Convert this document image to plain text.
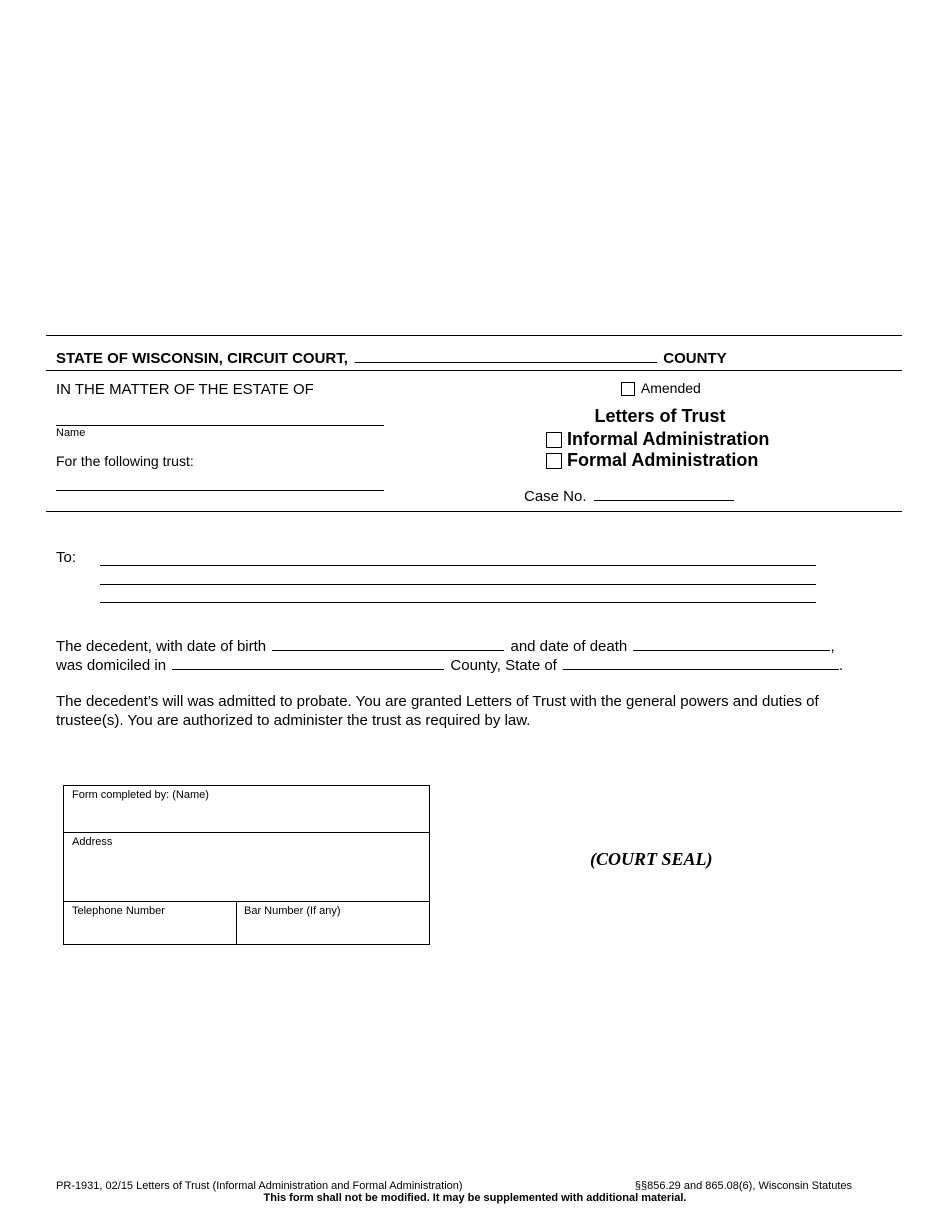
STATE OF WISCONSIN, CIRCUIT COURT,	COUNTY
IN THE MATTER OF THE ESTATE OF
Name
For the following trust:
Amended
Letters of Trust
Informal Administration
Formal Administration
Case No.
To:
The decedent, with date of birth	and date of death	,
was domiciled in	County, State of	.
The decedent’s will was admitted to probate. You are granted Letters of Trust with the general powers and duties of trustee(s). You are authorized to administer the trust as required by law.
Form completed by: (Name)
Address
Telephone Number	Bar Number (If any)
(COURT SEAL)
PR-1931, 02/15 Letters of Trust (Informal Administration and Formal Administration)	§§856.29 and 865.08(6), Wisconsin Statutes
This form shall not be modified. It may be supplemented with additional material.
